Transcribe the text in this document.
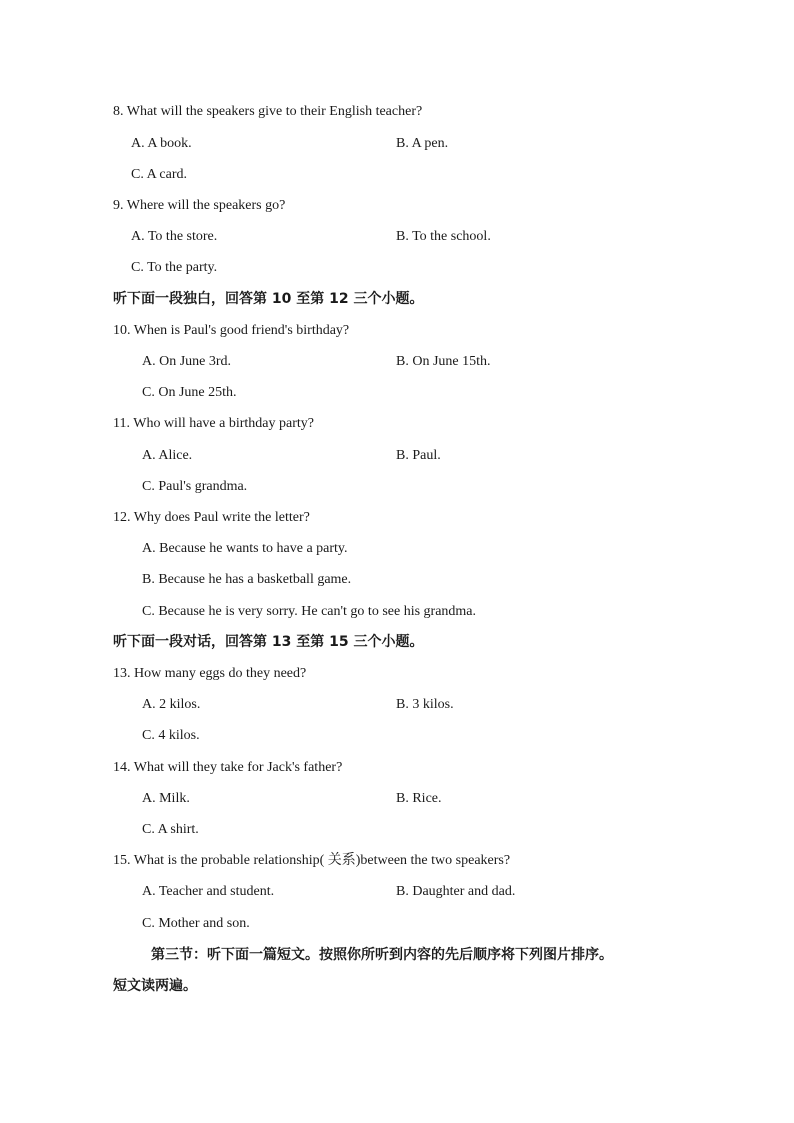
8. What will the speakers give to their English teacher?
A. A book.	B. A pen.
C. A card.
9. Where will the speakers go?
A. To the store.	B. To the school.
C. To the party.
听下面一段独白，回答第 10 至第 12 三个小题。
10. When is Paul's good friend's birthday?
A. On June 3rd.	B. On June 15th.
C. On June 25th.
11. Who will have a birthday party?
A. Alice.	B. Paul.
C. Paul's grandma.
12. Why does Paul write the letter?
A. Because he wants to have a party.
B. Because he has a basketball game.
C. Because he is very sorry. He can't go to see his grandma.
听下面一段对话，回答第 13 至第 15 三个小题。
13. How many eggs do they need?
A. 2 kilos.	B. 3 kilos.
C. 4 kilos.
14. What will they take for Jack's father?
A. Milk.	B. Rice.
C. A shirt.
15. What is the probable relationship( 关系)between the two speakers?
A. Teacher and student.	B. Daughter and dad.
C. Mother and son.
第三节：听下面一篇短文。按照你所听到内容的先后顺序将下列图片排序。
短文读两遍。
